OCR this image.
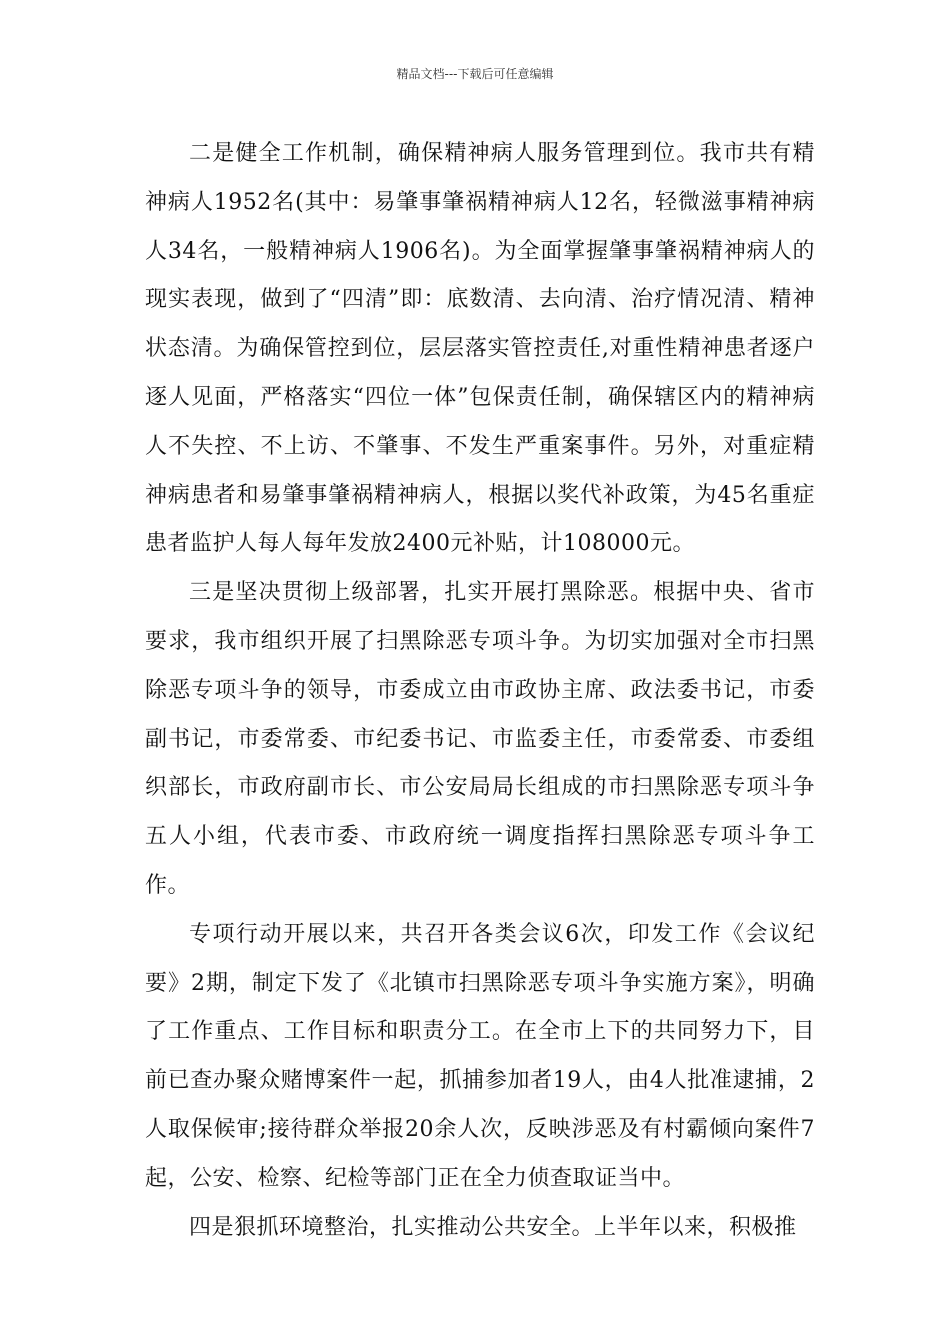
精品文档---下载后可任意编辑

二是健全工作机制，确保精神病人服务管理到位。我市共有精神病人1952名(其中：易肇事肇祸精神病人12名，轻微滋事精神病人34名，一般精神病人1906名)。为全面掌握肇事肇祸精神病人的现实表现，做到了“四清”即：底数清、去向清、治疗情况清、精神状态清。为确保管控到位，层层落实管控责任,对重性精神患者逐户逐人见面，严格落实“四位一体”包保责任制，确保辖区内的精神病人不失控、不上访、不肇事、不发生严重案事件。另外，对重症精神病患者和易肇事肇祸精神病人，根据以奖代补政策，为45名重症患者监护人每人每年发放2400元补贴，计108000元。

三是坚决贯彻上级部署，扎实开展打黑除恶。根据中央、省市要求，我市组织开展了扫黑除恶专项斗争。为切实加强对全市扫黑除恶专项斗争的领导，市委成立由市政协主席、政法委书记，市委副书记，市委常委、市纪委书记、市监委主任，市委常委、市委组织部长，市政府副市长、市公安局局长组成的市扫黑除恶专项斗争五人小组，代表市委、市政府统一调度指挥扫黑除恶专项斗争工作。

专项行动开展以来，共召开各类会议6次，印发工作《会议纪要》2期，制定下发了《北镇市扫黑除恶专项斗争实施方案》，明确了工作重点、工作目标和职责分工。在全市上下的共同努力下，目前已查办聚众赌博案件一起，抓捕参加者19人，由4人批准逮捕，2人取保候审;接待群众举报20余人次，反映涉恶及有村霸倾向案件7起，公安、检察、纪检等部门正在全力侦查取证当中。

四是狠抓环境整治，扎实推动公共安全。上半年以来，积极推
